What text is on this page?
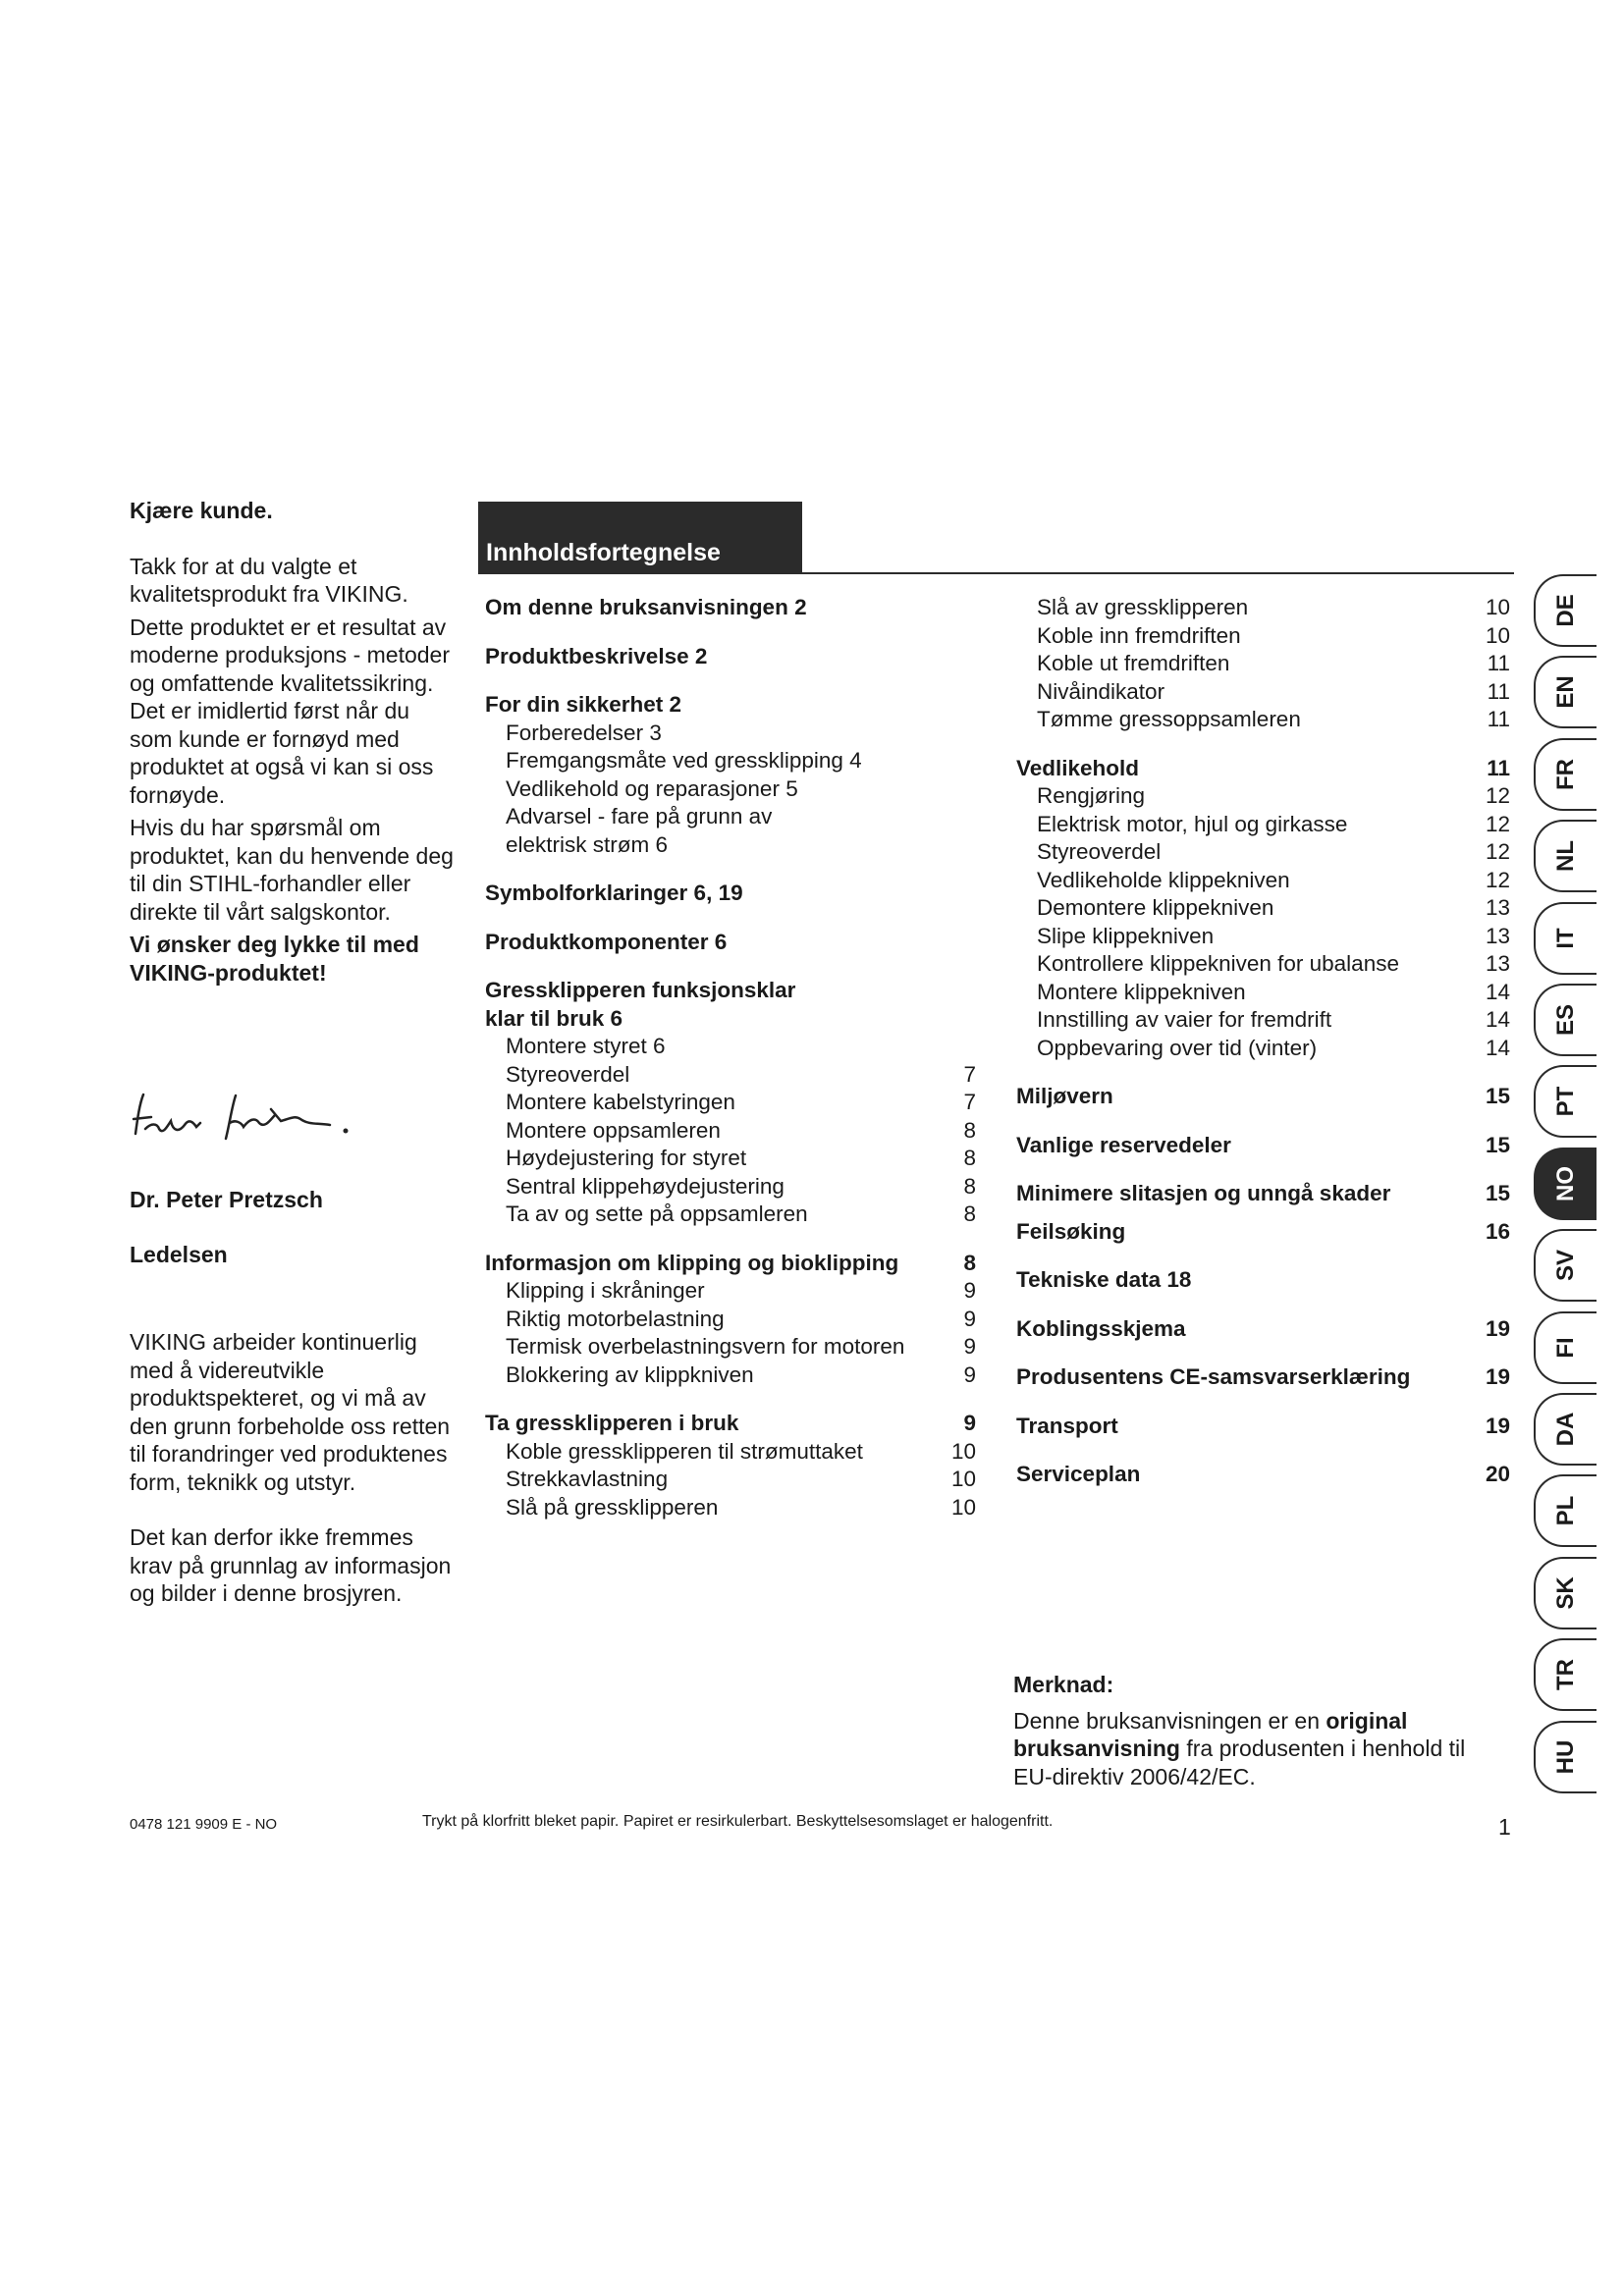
Kjære kunde.

Takk for at du valgte et kvalitetsprodukt fra VIKING.

Dette produktet er et resultat av moderne produksjons - metoder og omfattende kvalitetssikring. Det er imidlertid først når du som kunde er fornøyd med produktet at også vi kan si oss fornøyde.

Hvis du har spørsmål om produktet, kan du henvende deg til din STIHL-forhandler eller direkte til vårt salgskontor.

Vi ønsker deg lykke til med VIKING-produktet!

Dr. Peter Pretzsch
Ledelsen

VIKING arbeider kontinuerlig med å videreutvikle produktspekteret, og vi må av den grunn forbeholde oss retten til forandringer ved produktenes form, teknikk og utstyr.

Det kan derfor ikke fremmes krav på grunnlag av informasjon og bilder i denne brosjyren.

Innholdsfortegnelse
Om denne bruksanvisningen 2
Produktbeskrivelse 2
For din sikkerhet 2
Forberedelser 3
Fremgangsmåte ved gressklipping 4
Vedlikehold og reparasjoner 5
Advarsel - fare på grunn av
elektrisk strøm 6
Symbolforklaringer 6, 19
Produktkomponenter 6
Gressklipperen funksjonsklar
klar til bruk 6
Montere styret 6
Styreoverdel	7
Montere kabelstyringen	7
Montere oppsamleren	8
Høydejustering for styret	8
Sentral klippehøydejustering	8
Ta av og sette på oppsamleren	8
Informasjon om klipping og bioklipping	8
Klipping i skråninger	9
Riktig motorbelastning	9
Termisk overbelastningsvern for motoren	9
Blokkering av klippkniven	9
Ta gressklipperen i bruk	9
Koble gressklipperen til strømuttaket	10
Strekkavlastning	10
Slå på gressklipperen	10
Slå av gressklipperen	10
Koble inn fremdriften	10
Koble ut fremdriften	11
Nivåindikator	11
Tømme gressoppsamleren	11
Vedlikehold	11
Rengjøring	12
Elektrisk motor, hjul og girkasse	12
Styreoverdel	12
Vedlikeholde klippekniven	12
Demontere klippekniven	13
Slipe klippekniven	13
Kontrollere klippekniven for ubalanse	13
Montere klippekniven	14
Innstilling av vaier for fremdrift	14
Oppbevaring over tid (vinter)	14
Miljøvern	15
Vanlige reservedeler	15
Minimere slitasjen og unngå skader	15
Feilsøking	16
Tekniske data 18
Koblingsskjema	19
Produsentens CE-samsvarserklæring	19
Transport	19
Serviceplan	20

Merknad:

Denne bruksanvisningen er en original bruksanvisning fra produsenten i henhold til EU-direktiv 2006/42/EC.

0478 121 9909 E - NO	Trykt på klorfritt bleket papir. Papiret er resirkulerbart. Beskyttelsesomslaget er halogenfritt.	1
DE
EN
FR
NL
IT
ES
PT
NO
SV
FI
DA
PL
SK
TR
HU
